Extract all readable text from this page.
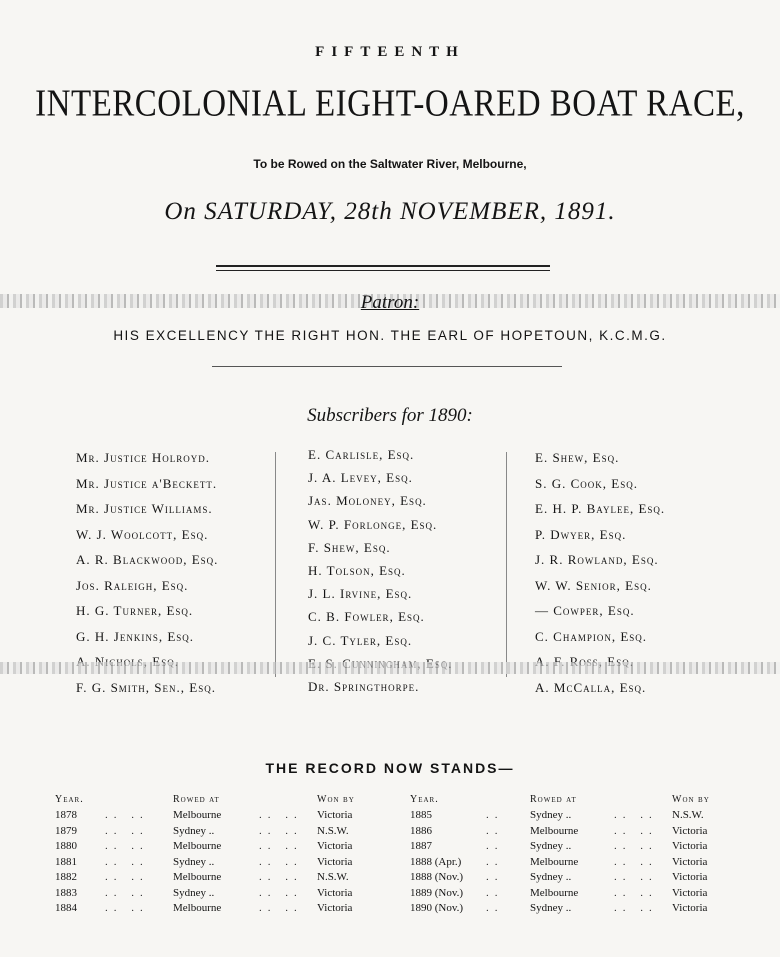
FIFTEENTH
INTERCOLONIAL EIGHT-OARED BOAT RACE,
To be Rowed on the Saltwater River, Melbourne,
On SATURDAY, 28th NOVEMBER, 1891.
Patron:
HIS EXCELLENCY THE RIGHT HON. THE EARL OF HOPETOUN, K.C.M.G.
Subscribers for 1890:
Mr. Justice Holroyd.
Mr. Justice a'Beckett.
Mr. Justice Williams.
W. J. Woolcott, Esq.
A. R. Blackwood, Esq.
Jos. Raleigh, Esq.
H. G. Turner, Esq.
G. H. Jenkins, Esq.
F. G. Smith, Sen., Esq.
E. Carlisle, Esq.
J. A. Levey, Esq.
Jas. Moloney, Esq.
W. P. Forlonge, Esq.
F. Shew, Esq.
H. Tolson, Esq.
J. L. Irvine, Esq.
C. B. Fowler, Esq.
J. C. Tyler, Esq.
Dr. Springthorpe.
E. Shew, Esq.
S. G. Cook, Esq.
E. H. P. Baylee, Esq.
P. Dwyer, Esq.
J. R. Rowland, Esq.
W. W. Senior, Esq.
— Cowper, Esq.
C. Champion, Esq.
A. McCalla, Esq.
THE RECORD NOW STANDS—
Year.		Rowed at		Won by
1878	.. ..	Melbourne	.. ..	Victoria
1879	.. ..	Sydney ..	.. ..	N.S.W.
1880	.. ..	Melbourne	.. ..	Victoria
1881	.. ..	Sydney ..	.. ..	Victoria
1882	.. ..	Melbourne	.. ..	N.S.W.
1883	.. ..	Sydney ..	.. ..	Victoria
1884	.. ..	Melbourne	.. ..	Victoria
Year.		Rowed at		Won by
1885	..	Sydney ..	.. ..	N.S.W.
1886	..	Melbourne	.. ..	Victoria
1887	..	Sydney ..	.. ..	Victoria
1888 (Apr.)	..	Melbourne	.. ..	Victoria
1888 (Nov.)	..	Sydney ..	.. ..	Victoria
1889 (Nov.)	..	Melbourne	.. ..	Victoria
1890 (Nov.)	..	Sydney ..	.. ..	Victoria
